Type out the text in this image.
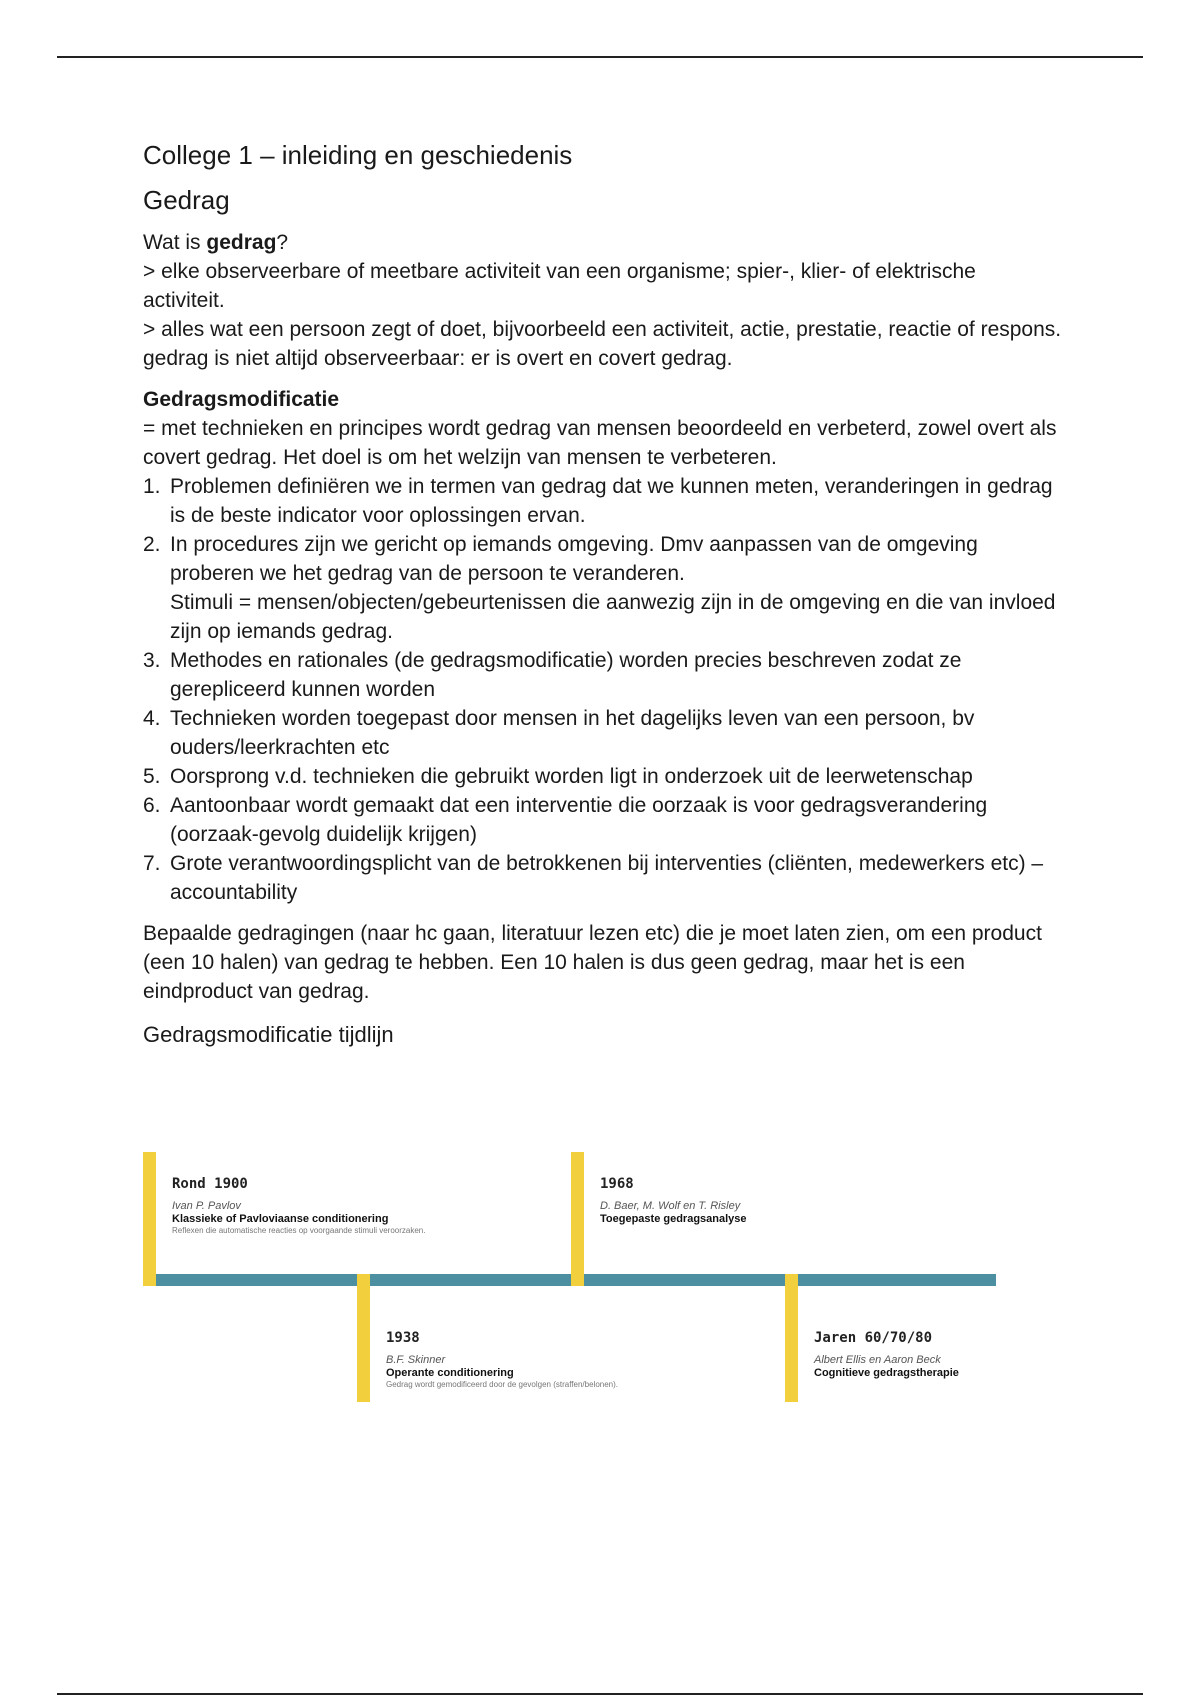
College 1 – inleiding en geschiedenis
Gedrag

Wat is gedrag?

> elke observeerbare of meetbare activiteit van een organisme; spier-, klier- of elektrische activiteit.

> alles wat een persoon zegt of doet, bijvoorbeeld een activiteit, actie, prestatie, reactie of respons.

gedrag is niet altijd observeerbaar: er is overt en covert gedrag.

Gedragsmodificatie

= met technieken en principes wordt gedrag van mensen beoordeeld en verbeterd, zowel overt als covert gedrag. Het doel is om het welzijn van mensen te verbeteren.

1. Problemen definiëren we in termen van gedrag dat we kunnen meten, veranderingen in gedrag is de beste indicator voor oplossingen ervan.
2. In procedures zijn we gericht op iemands omgeving. Dmv aanpassen van de omgeving proberen we het gedrag van de persoon te veranderen.
Stimuli = mensen/objecten/gebeurtenissen die aanwezig zijn in de omgeving en die van invloed zijn op iemands gedrag.
3. Methodes en rationales (de gedragsmodificatie) worden precies beschreven zodat ze gerepliceerd kunnen worden
4. Technieken worden toegepast door mensen in het dagelijks leven van een persoon, bv ouders/leerkrachten etc
5. Oorsprong v.d. technieken die gebruikt worden ligt in onderzoek uit de leerwetenschap
6. Aantoonbaar wordt gemaakt dat een interventie die oorzaak is voor gedragsverandering (oorzaak-gevolg duidelijk krijgen)
7. Grote verantwoordingsplicht van de betrokkenen bij interventies (cliënten, medewerkers etc) – accountability

Bepaalde gedragingen (naar hc gaan, literatuur lezen etc) die je moet laten zien, om een product (een 10 halen) van gedrag te hebben. Een 10 halen is dus geen gedrag, maar het is een eindproduct van gedrag.

Gedragsmodificatie tijdlijn
Rond 1900
Ivan P. Pavlov
Klassieke of Pavloviaanse conditionering
Reflexen die automatische reacties op voorgaande stimuli veroorzaken.
1938
B.F. Skinner
Operante conditionering
Gedrag wordt gemodificeerd door de gevolgen (straffen/belonen).
1968
D. Baer, M. Wolf en T. Risley
Toegepaste gedragsanalyse
Jaren 60/70/80
Albert Ellis en Aaron Beck
Cognitieve gedragstherapie
